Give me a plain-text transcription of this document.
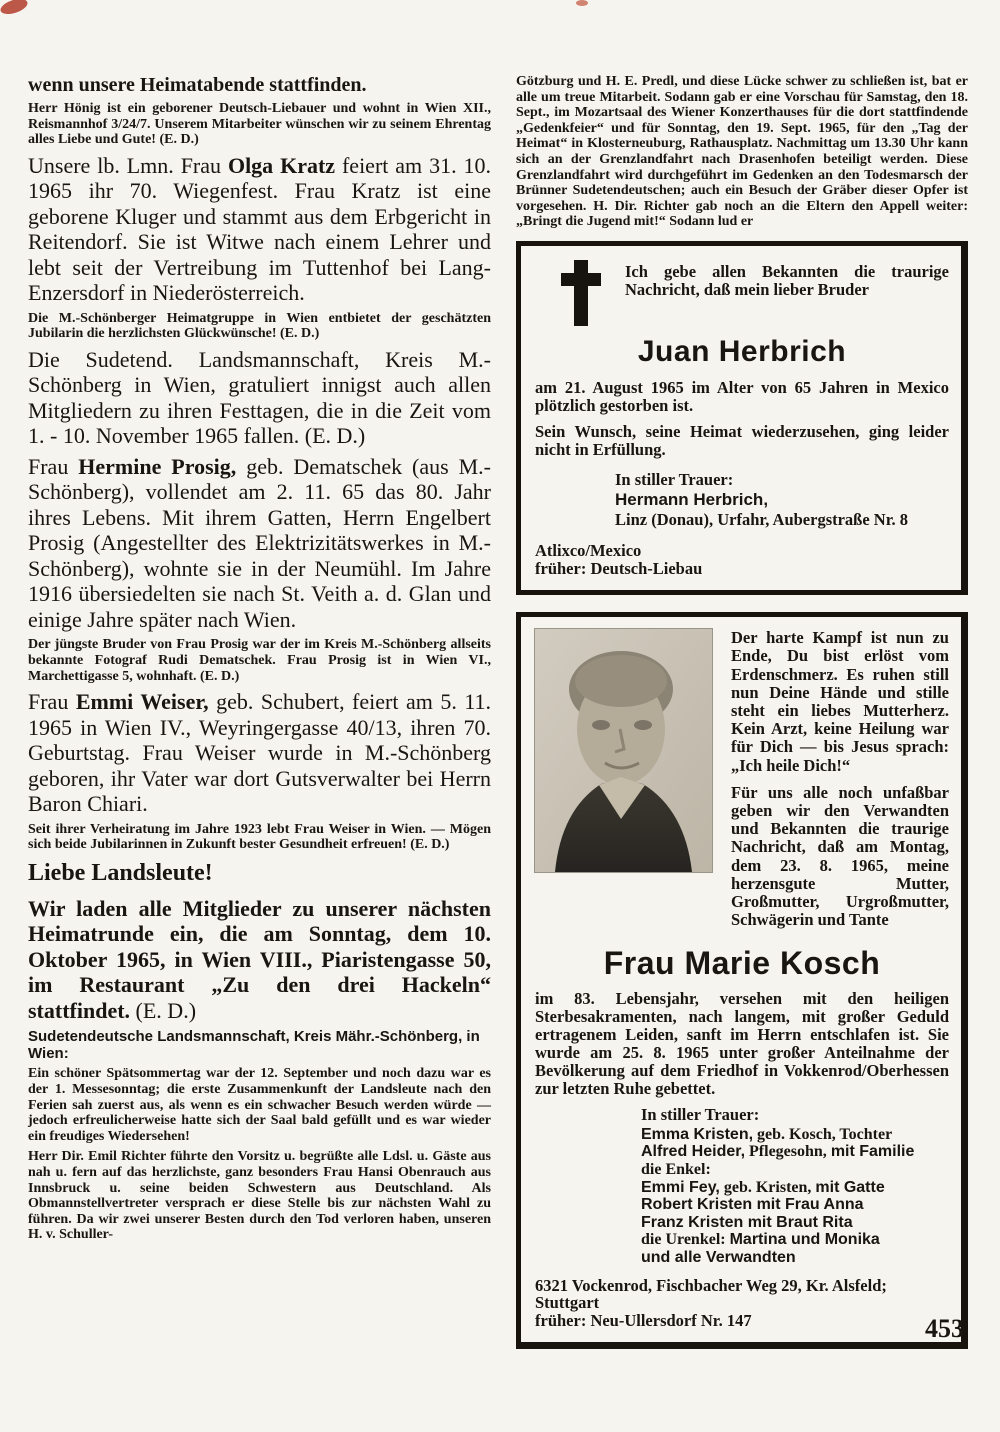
wenn unsere Heimatabende stattfinden.

Herr Hönig ist ein geborener Deutsch-Liebauer und wohnt in Wien XII., Reismannhof 3/24/7. Unserem Mitarbeiter wünschen wir zu seinem Ehrentag alles Liebe und Gute! (E. D.)

Unsere lb. Lmn. Frau Olga Kratz feiert am 31. 10. 1965 ihr 70. Wiegenfest. Frau Kratz ist eine geborene Kluger und stammt aus dem Erbgericht in Reitendorf. Sie ist Witwe nach einem Lehrer und lebt seit der Vertreibung im Tuttenhof bei Lang-Enzersdorf in Niederösterreich.

Die M.-Schönberger Heimatgruppe in Wien entbietet der geschätzten Jubilarin die herzlichsten Glückwünsche! (E. D.)

Die Sudetend. Landsmannschaft, Kreis M.-Schönberg in Wien, gratuliert innigst auch allen Mitgliedern zu ihren Festtagen, die in die Zeit vom 1. - 10. November 1965 fallen. (E. D.)

Frau Hermine Prosig, geb. Dematschek (aus M.-Schönberg), vollendet am 2. 11. 65 das 80. Jahr ihres Lebens. Mit ihrem Gatten, Herrn Engelbert Prosig (Angestellter des Elektrizitätswerkes in M.-Schönberg), wohnte sie in der Neumühl. Im Jahre 1916 übersiedelten sie nach St. Veith a. d. Glan und einige Jahre später nach Wien.

Der jüngste Bruder von Frau Prosig war der im Kreis M.-Schönberg allseits bekannte Fotograf Rudi Dematschek. Frau Prosig ist in Wien VI., Marchettigasse 5, wohnhaft. (E. D.)

Frau Emmi Weiser, geb. Schubert, feiert am 5. 11. 1965 in Wien IV., Weyringergasse 40/13, ihren 70. Geburtstag. Frau Weiser wurde in M.-Schönberg geboren, ihr Vater war dort Gutsverwalter bei Herrn Baron Chiari.

Seit ihrer Verheiratung im Jahre 1923 lebt Frau Weiser in Wien. — Mögen sich beide Jubilarinnen in Zukunft bester Gesundheit erfreuen! (E. D.)

Liebe Landsleute!

Wir laden alle Mitglieder zu unserer nächsten Heimatrunde ein, die am Sonntag, dem 10. Oktober 1965, in Wien VIII., Piaristengasse 50, im Restaurant „Zu den drei Hackeln“ stattfindet. (E. D.)

Sudetendeutsche Landsmannschaft, Kreis Mähr.-Schönberg, in Wien:

Ein schöner Spätsommertag war der 12. September und noch dazu war es der 1. Messesonntag; die erste Zusammenkunft der Landsleute nach den Ferien sah zuerst aus, als wenn es ein schwacher Besuch werden würde — jedoch erfreulicherweise hatte sich der Saal bald gefüllt und es war wieder ein freudiges Wiedersehen!

Herr Dir. Emil Richter führte den Vorsitz u. begrüßte alle Ldsl. u. Gäste aus nah u. fern auf das herzlichste, ganz besonders Frau Hansi Obenrauch aus Innsbruck u. seine beiden Schwestern aus Deutschland. Als Obmannstellvertreter versprach er diese Stelle bis zur nächsten Wahl zu führen. Da wir zwei unserer Besten durch den Tod verloren haben, unseren H. v. Schuller-

Götzburg und H. E. Predl, und diese Lücke schwer zu schließen ist, bat er alle um treue Mitarbeit. Sodann gab er eine Vorschau für Samstag, den 18. Sept., im Mozartsaal des Wiener Konzerthauses für die dort stattfindende „Gedenkfeier“ und für Sonntag, den 19. Sept. 1965, für den „Tag der Heimat“ in Klosterneuburg, Rathausplatz. Nachmittag um 13.30 Uhr kann sich an der Grenzlandfahrt nach Drasenhofen beteiligt werden. Diese Grenzlandfahrt wird durchgeführt im Gedenken an den Todesmarsch der Brünner Sudetendeutschen; auch ein Besuch der Gräber dieser Opfer ist vorgesehen. H. Dir. Richter gab noch an die Eltern den Appell weiter: „Bringt die Jugend mit!“ Sodann lud er

Ich gebe allen Bekannten die traurige Nachricht, daß mein lieber Bruder

Juan Herbrich

am 21. August 1965 im Alter von 65 Jahren in Mexico plötzlich gestorben ist.

Sein Wunsch, seine Heimat wiederzusehen, ging leider nicht in Erfüllung.

In stiller Trauer:

Hermann Herbrich,

Linz (Donau), Urfahr, Aubergstraße Nr. 8

Atlixco/Mexico

früher: Deutsch-Liebau

Der harte Kampf ist nun zu Ende, Du bist erlöst vom Erdenschmerz. Es ruhen still nun Deine Hände und stille steht ein liebes Mutterherz. Kein Arzt, keine Heilung war für Dich — bis Jesus sprach: „Ich heile Dich!“

Für uns alle noch unfaßbar geben wir den Verwandten und Bekannten die traurige Nachricht, daß am Montag, dem 23. 8. 1965, meine herzensgute Mutter, Großmutter, Urgroßmutter, Schwägerin und Tante

Frau Marie Kosch

im 83. Lebensjahr, versehen mit den heiligen Sterbesakramenten, nach langem, mit großer Geduld ertragenem Leiden, sanft im Herrn entschlafen ist. Sie wurde am 25. 8. 1965 unter großer Anteilnahme der Bevölkerung auf dem Friedhof in Vokkenrod/Oberhessen zur letzten Ruhe gebettet.

In stiller Trauer:

Emma Kristen, geb. Kosch, Tochter

Alfred Heider, Pflegesohn, mit Familie

die Enkel:

Emmi Fey, geb. Kristen, mit Gatte

Robert Kristen mit Frau Anna

Franz Kristen mit Braut Rita

die Urenkel: Martina und Monika

und alle Verwandten

6321 Vockenrod, Fischbacher Weg 29, Kr. Alsfeld; Stuttgart

früher: Neu-Ullersdorf Nr. 147	453
